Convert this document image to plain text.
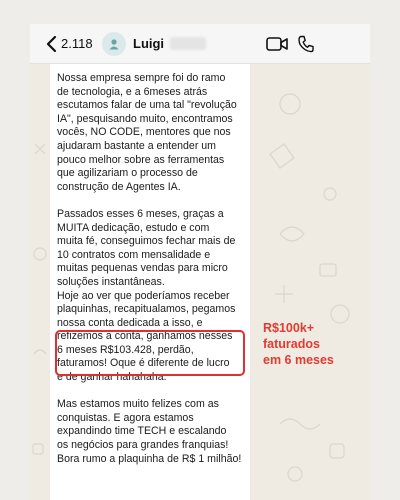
2.118	Luigi
Nossa empresa sempre foi do ramo
de tecnologia, e a 6meses atrás
escutamos falar de uma tal "revolução
IA", pesquisando muito, encontramos
vocês, NO CODE, mentores que nos
ajudaram bastante a entender um
pouco melhor sobre as ferramentas
que agilizariam o processo de
construção de Agentes IA.
Passados esses 6 meses, graças a
MUITA dedicação, estudo e com
muita fé, conseguimos fechar mais de
10 contratos com mensalidade e
muitas pequenas vendas para micro
soluções instantâneas.
Hoje ao ver que poderíamos receber
plaquinhas, recapitualamos, pegamos
nossa conta dedicada a isso, e
refizemos a conta, ganhamos nesses
6 meses R$103.428, perdão,
faturamos! Oque é diferente de lucro
e de ganhar hahahaha.
Mas estamos muito felizes com as
conquistas. E agora estamos
expandindo time TECH e escalando
os negócios para grandes franquias!
Bora rumo a plaquinha de R$ 1 milhão!
R$100k+
faturados
em 6 meses
